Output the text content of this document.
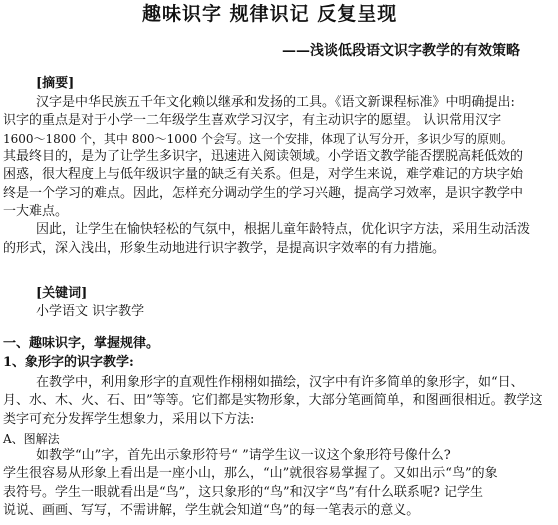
趣味识字 规律识记 反复呈现
——浅谈低段语文识字教学的有效策略
[摘要]
汉字是中华民族五千年文化赖以继承和发扬的工具。《语文新课程标准》中明确提出:
识字的重点是对于小学一二年级学生喜欢学习汉字，有主动识字的愿望。 认识常用汉字
1600～1800 个，其中 800～1000 个会写。这一个安排，体现了认写分开，多识少写的原则。
其最终目的，是为了让学生多识字，迅速进入阅读领域。小学语文教学能否摆脱高耗低效的
困惑，很大程度上与低年级识字量的缺乏有关系。但是，对学生来说，难学难记的方块字始
终是一个学习的难点。因此，怎样充分调动学生的学习兴趣，提高学习效率，是识字教学中
一大难点。
因此，让学生在愉快轻松的气氛中，根据儿童年龄特点，优化识字方法，采用生动活泼
的形式，深入浅出，形象生动地进行识字教学，是提高识字效率的有力措施。
[关键词]
小学语文 识字教学
一、趣味识字，掌握规律。
1、象形字的识字教学:
在教学中，利用象形字的直观性作栩栩如描绘，汉字中有许多简单的象形字，如“日、
月、水、木、火、石、田”等等。它们都是实物形象，大部分笔画简单，和图画很相近。教学这
类字可充分发挥学生想象力，采用以下方法:
A、图解法
如教学“山”字，首先出示象形符号“ ”请学生议一议这个象形符号像什么?
学生很容易从形象上看出是一座小山，那么，“山”就很容易掌握了。又如出示“鸟”的象
表符号。学生一眼就看出是“鸟”，这只象形的“鸟”和汉字“鸟”有什么联系呢? 记学生
说说、画画、写写，不需讲解，学生就会知道“鸟”的每一笔表示的意义。
